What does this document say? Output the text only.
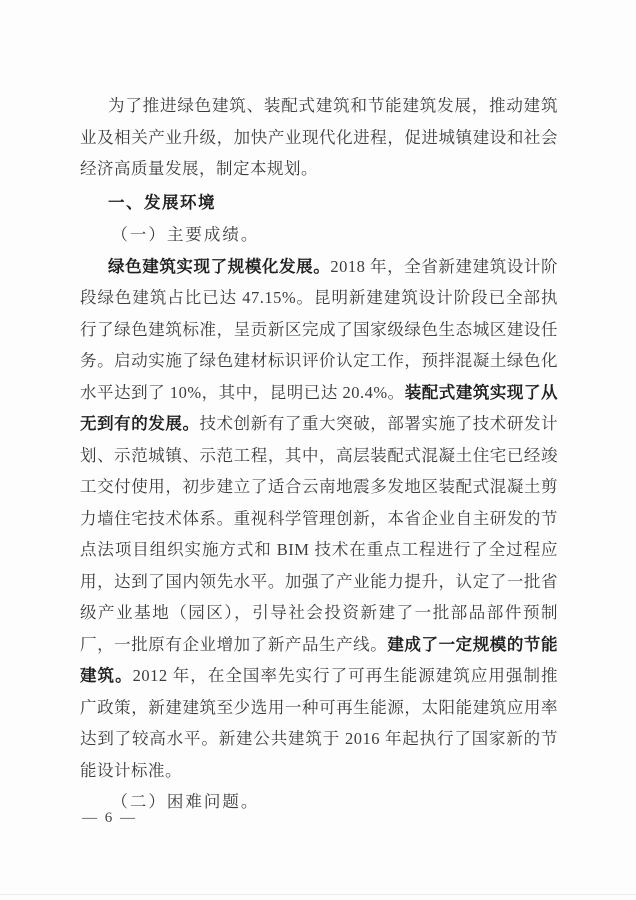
为了推进绿色建筑、装配式建筑和节能建筑发展，推动建筑业及相关产业升级，加快产业现代化进程，促进城镇建设和社会经济高质量发展，制定本规划。

一、发展环境

（一）主要成绩。

绿色建筑实现了规模化发展。2018 年，全省新建建筑设计阶段绿色建筑占比已达 47.15%。昆明新建建筑设计阶段已全部执行了绿色建筑标准，呈贡新区完成了国家级绿色生态城区建设任务。启动实施了绿色建材标识评价认定工作，预拌混凝土绿色化水平达到了 10%，其中，昆明已达 20.4%。装配式建筑实现了从无到有的发展。技术创新有了重大突破，部署实施了技术研发计划、示范城镇、示范工程，其中，高层装配式混凝土住宅已经竣工交付使用，初步建立了适合云南地震多发地区装配式混凝土剪力墙住宅技术体系。重视科学管理创新，本省企业自主研发的节点法项目组织实施方式和 BIM 技术在重点工程进行了全过程应用，达到了国内领先水平。加强了产业能力提升，认定了一批省级产业基地（园区），引导社会投资新建了一批部品部件预制厂，一批原有企业增加了新产品生产线。建成了一定规模的节能建筑。2012 年，在全国率先实行了可再生能源建筑应用强制推广政策，新建建筑至少选用一种可再生能源，太阳能建筑应用率达到了较高水平。新建公共建筑于 2016 年起执行了国家新的节能设计标准。

（二）困难问题。

— 6 —
